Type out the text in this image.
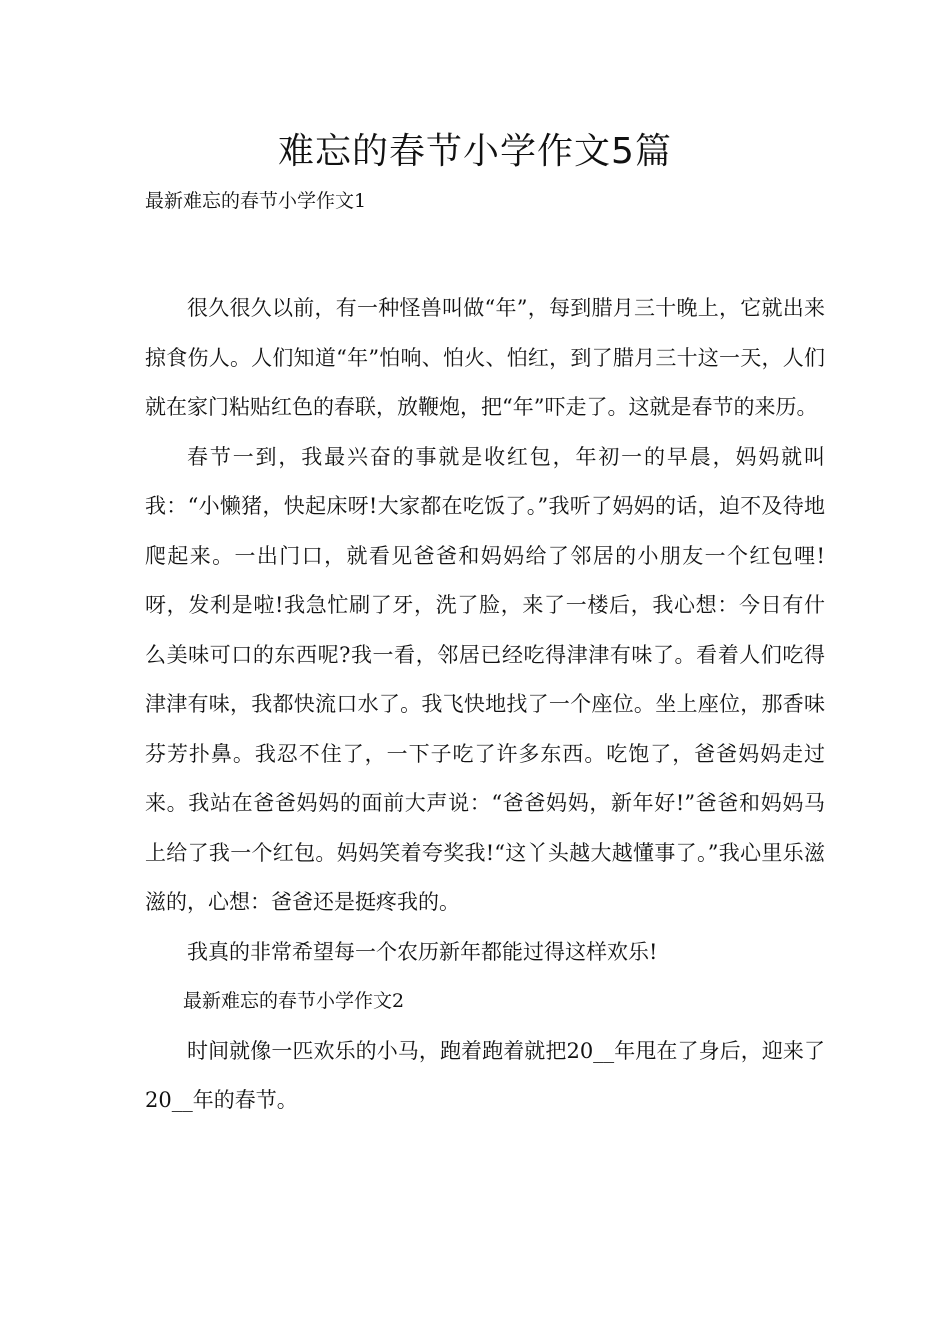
难忘的春节小学作文5篇
最新难忘的春节小学作文1

很久很久以前，有一种怪兽叫做“年”，每到腊月三十晚上，它就出来掠食伤人。人们知道“年”怕响、怕火、怕红，到了腊月三十这一天，人们就在家门粘贴红色的春联，放鞭炮，把“年”吓走了。这就是春节的来历。

春节一到，我最兴奋的事就是收红包，年初一的早晨，妈妈就叫我：“小懒猪，快起床呀!大家都在吃饭了。”我听了妈妈的话，迫不及待地爬起来。一出门口，就看见爸爸和妈妈给了邻居的小朋友一个红包哩!呀，发利是啦!我急忙刷了牙，洗了脸，来了一楼后，我心想：今日有什么美味可口的东西呢?我一看，邻居已经吃得津津有味了。看着人们吃得津津有味，我都快流口水了。我飞快地找了一个座位。坐上座位，那香味芬芳扑鼻。我忍不住了，一下子吃了许多东西。吃饱了，爸爸妈妈走过来。我站在爸爸妈妈的面前大声说：“爸爸妈妈，新年好!”爸爸和妈妈马上给了我一个红包。妈妈笑着夸奖我!“这丫头越大越懂事了。”我心里乐滋滋的，心想：爸爸还是挺疼我的。

我真的非常希望每一个农历新年都能过得这样欢乐!

最新难忘的春节小学作文2

时间就像一匹欢乐的小马，跑着跑着就把20__年甩在了身后，迎来了20__年的春节。
